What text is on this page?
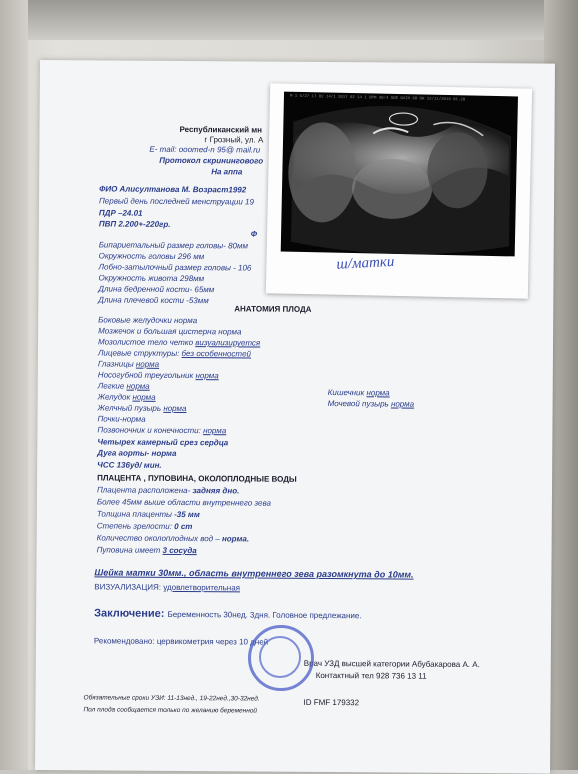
Республиканский мн
г Грозный, ул. А
E- mail: ooomed-n 95@ mail.ru
Протокол скринингового
На аппа
ФИО Алисултанова М. Возраст1992
Первый день последней менструации 19
ПДР –24.01
ПВП 2.200+-220гр.
Ф
Бипариетальный размер головы- 80мм
Окружность головы 296 мм
Лобно-затылочный размер головы - 106
Окружность живота 298мм
Длина бедренной кости- 65мм
Длина плечевой кости -53мм
АНАТОМИЯ ПЛОДА
Боковые желудочки норма
Мозжечок и большая цистерна норма
Мозолистое тело четко визуализируется
Лицевые структуры: без особенностей
Глазницы норма
Носогубной треугольник норма
Легкие норма
Желудок норма
Желчный пузырь норма
Почки-норма
Позвоночник и конечности: норма
Кишечник норма
Мочевой пузырь норма
Четырех камерный срез сердца
Дуга аорты- норма
ЧСС 136уд/ мин.
ПЛАЦЕНТА , ПУПОВИНА, ОКОЛОПЛОДНЫЕ ВОДЫ
Плацента расположена- задняя дно.
Более 45мм выше области внутреннего зева
Толщина плаценты -35 мм
Степень зрелости: 0 ст
Количество околоплодных вод – норма.
Пуповина имеет 3 сосуда
Шейка матки 30мм., область внутреннего зева разомкнута до 10мм.
ВИЗУАЛИЗАЦИЯ: удовлетворительная
Заключение: Беременность 30нед. 3дня. Головное предлежание.
Рекомендовано: цервикометрия через 10 дней
Врач УЗД высшей категории Абубакарова А. А.
Контактный тел 928 736 13 11
Обязательные сроки УЗИ: 11-13нед., 19-22нед.,30-32нед.
Пол плода сообщается только по желанию беременной
ID FMF 179332
M 1 5/27 17 82 14/1 2017 02 14 1 DPM 30/4 SOR GAIN 68 DR 12/11/2019 01.20
ш/матки
